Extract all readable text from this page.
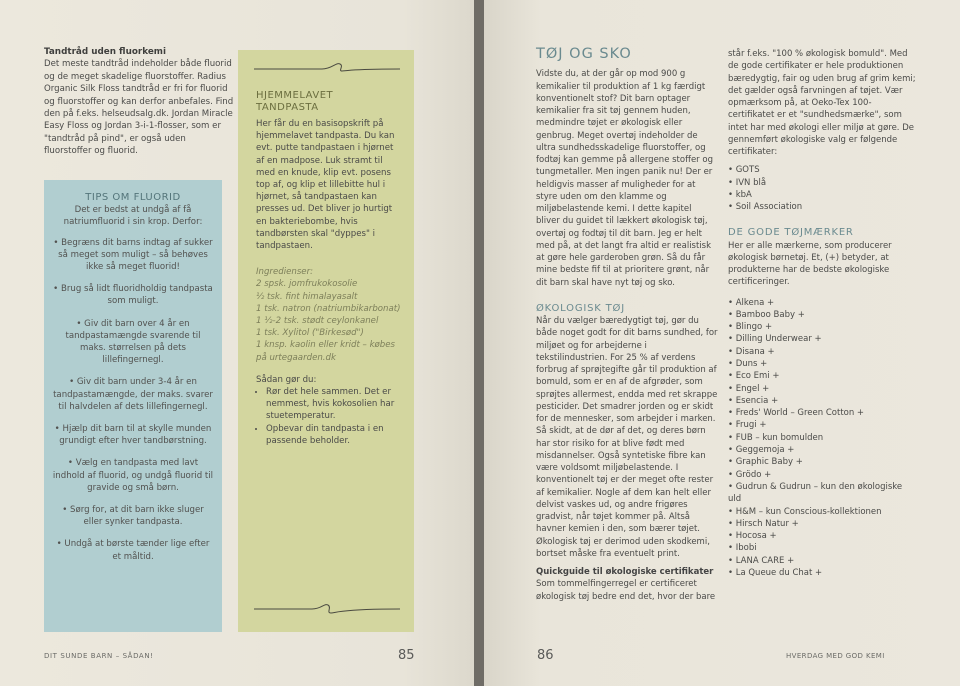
Tandtråd uden fluorkemi

Det meste tandtråd indeholder både fluorid og de meget skadelige fluorstoffer. Radius Organic Silk Floss tandtråd er fri for fluorid og fluorstoffer og kan derfor anbefales. Find den på f.eks. helseudsalg.dk. Jordan Miracle Easy Floss og Jordan 3-i-1-flosser, som er "tandtråd på pind", er også uden fluorstoffer og fluorid.

TIPS OM FLUORID

Det er bedst at undgå af få natriumfluorid i sin krop. Derfor:

• Begræns dit barns indtag af sukker så meget som muligt – så behøves ikke så meget fluorid!
• Brug så lidt fluoridholdig tandpasta som muligt.
• Giv dit barn over 4 år en tandpastamængde svarende til maks. størrelsen på dets lillefingernegl.
• Giv dit barn under 3-4 år en tandpastamængde, der maks. svarer til halvdelen af dets lillefingernegl.
• Hjælp dit barn til at skylle munden grundigt efter hver tandbørstning.
• Vælg en tandpasta med lavt indhold af fluorid, og undgå fluorid til gravide og små børn.
• Sørg for, at dit barn ikke sluger eller synker tandpasta.
• Undgå at børste tænder lige efter et måltid.
HJEMMELAVET
TANDPASTA

Her får du en basisopskrift på hjemmelavet tandpasta. Du kan evt. putte tandpastaen i hjørnet af en madpose. Luk stramt til med en knude, klip evt. posens top af, og klip et lillebitte hul i hjørnet, så tandpastaen kan presses ud. Det bliver jo hurtigt en bakteriebombe, hvis tandbørsten skal "dyppes" i tandpastaen.

Ingredienser:

2 spsk. jomfrukokosolie

½ tsk. fint himalayasalt

1 tsk. natron (natriumbikarbonat)

1 ½-2 tsk. stødt ceylonkanel

1 tsk. Xylitol ("Birkesød")

1 knsp. kaolin eller kridt – købes på urtegaarden.dk

Sådan gør du:

• Rør det hele sammen. Det er nemmest, hvis kokosolien har stuetemperatur.
• Opbevar din tandpasta i en passende beholder.
DIT SUNDE BARN – SÅDAN!	85
TØJ OG SKO

Vidste du, at der går op mod 900 g kemikalier til produktion af 1 kg færdigt konventionelt stof? Dit barn optager kemikalier fra sit tøj gennem huden, medmindre tøjet er økologisk eller genbrug. Meget overtøj indeholder de ultra sundhedsskadelige fluorstoffer, og fodtøj kan gemme på allergene stoffer og tungmetaller. Men ingen panik nu! Der er heldigvis masser af muligheder for at styre uden om den klamme og miljøbelastende kemi. I dette kapitel bliver du guidet til lækkert økologisk tøj, overtøj og fodtøj til dit barn. Jeg er helt med på, at det langt fra altid er realistisk at gøre hele garderoben grøn. Så du får mine bedste fif til at prioritere grønt, når dit barn skal have nyt tøj og sko.

ØKOLOGISK TØJ

Når du vælger bæredygtigt tøj, gør du både noget godt for dit barns sundhed, for miljøet og for arbejderne i tekstilindustrien. For 25 % af verdens forbrug af sprøjtegifte går til produktion af bomuld, som er en af de afgrøder, som sprøjtes allermest, endda med ret skrappe pesticider. Det smadrer jorden og er skidt for de mennesker, som arbejder i marken. Så skidt, at de dør af det, og deres børn har stor risiko for at blive født med misdannelser. Også syntetiske fibre kan være voldsomt miljøbelastende. I konventionelt tøj er der meget ofte rester af kemikalier. Nogle af dem kan helt eller delvist vaskes ud, og andre frigøres gradvist, når tøjet kommer på. Altså havner kemien i den, som bærer tøjet. Økologisk tøj er derimod uden skodkemi, bortset måske fra eventuelt print.

Quickguide til økologiske certifikater

Som tommelfingerregel er certificeret økologisk tøj bedre end det, hvor der bare

står f.eks. "100 % økologisk bomuld". Med de gode certifikater er hele produktionen bæredygtig, fair og uden brug af grim kemi; det gælder også farvningen af tøjet. Vær opmærksom på, at Oeko-Tex 100-certifikatet er et "sundhedsmærke", som intet har med økologi eller miljø at gøre. De gennemført økologiske valg er følgende certifikater:

• GOTS
• IVN blå
• kbA
• Soil Association
DE GODE TØJMÆRKER

Her er alle mærkerne, som producerer økologisk børnetøj. Et, (+) betyder, at produkterne har de bedste økologiske certificeringer.

• Alkena +
• Bamboo Baby +
• Blingo +
• Dilling Underwear +
• Disana +
• Duns +
• Eco Emi +
• Engel +
• Esencia +
• Freds' World – Green Cotton +
• Frugi +
• FUB – kun bomulden
• Geggemoja +
• Graphic Baby +
• Grödo +
• Gudrun & Gudrun – kun den økologiske uld
• H&M – kun Conscious-kollektionen
• Hirsch Natur +
• Hocosa +
• Ibobi
• LANA CARE +
• La Queue du Chat +
86	HVERDAG MED GOD KEMI
